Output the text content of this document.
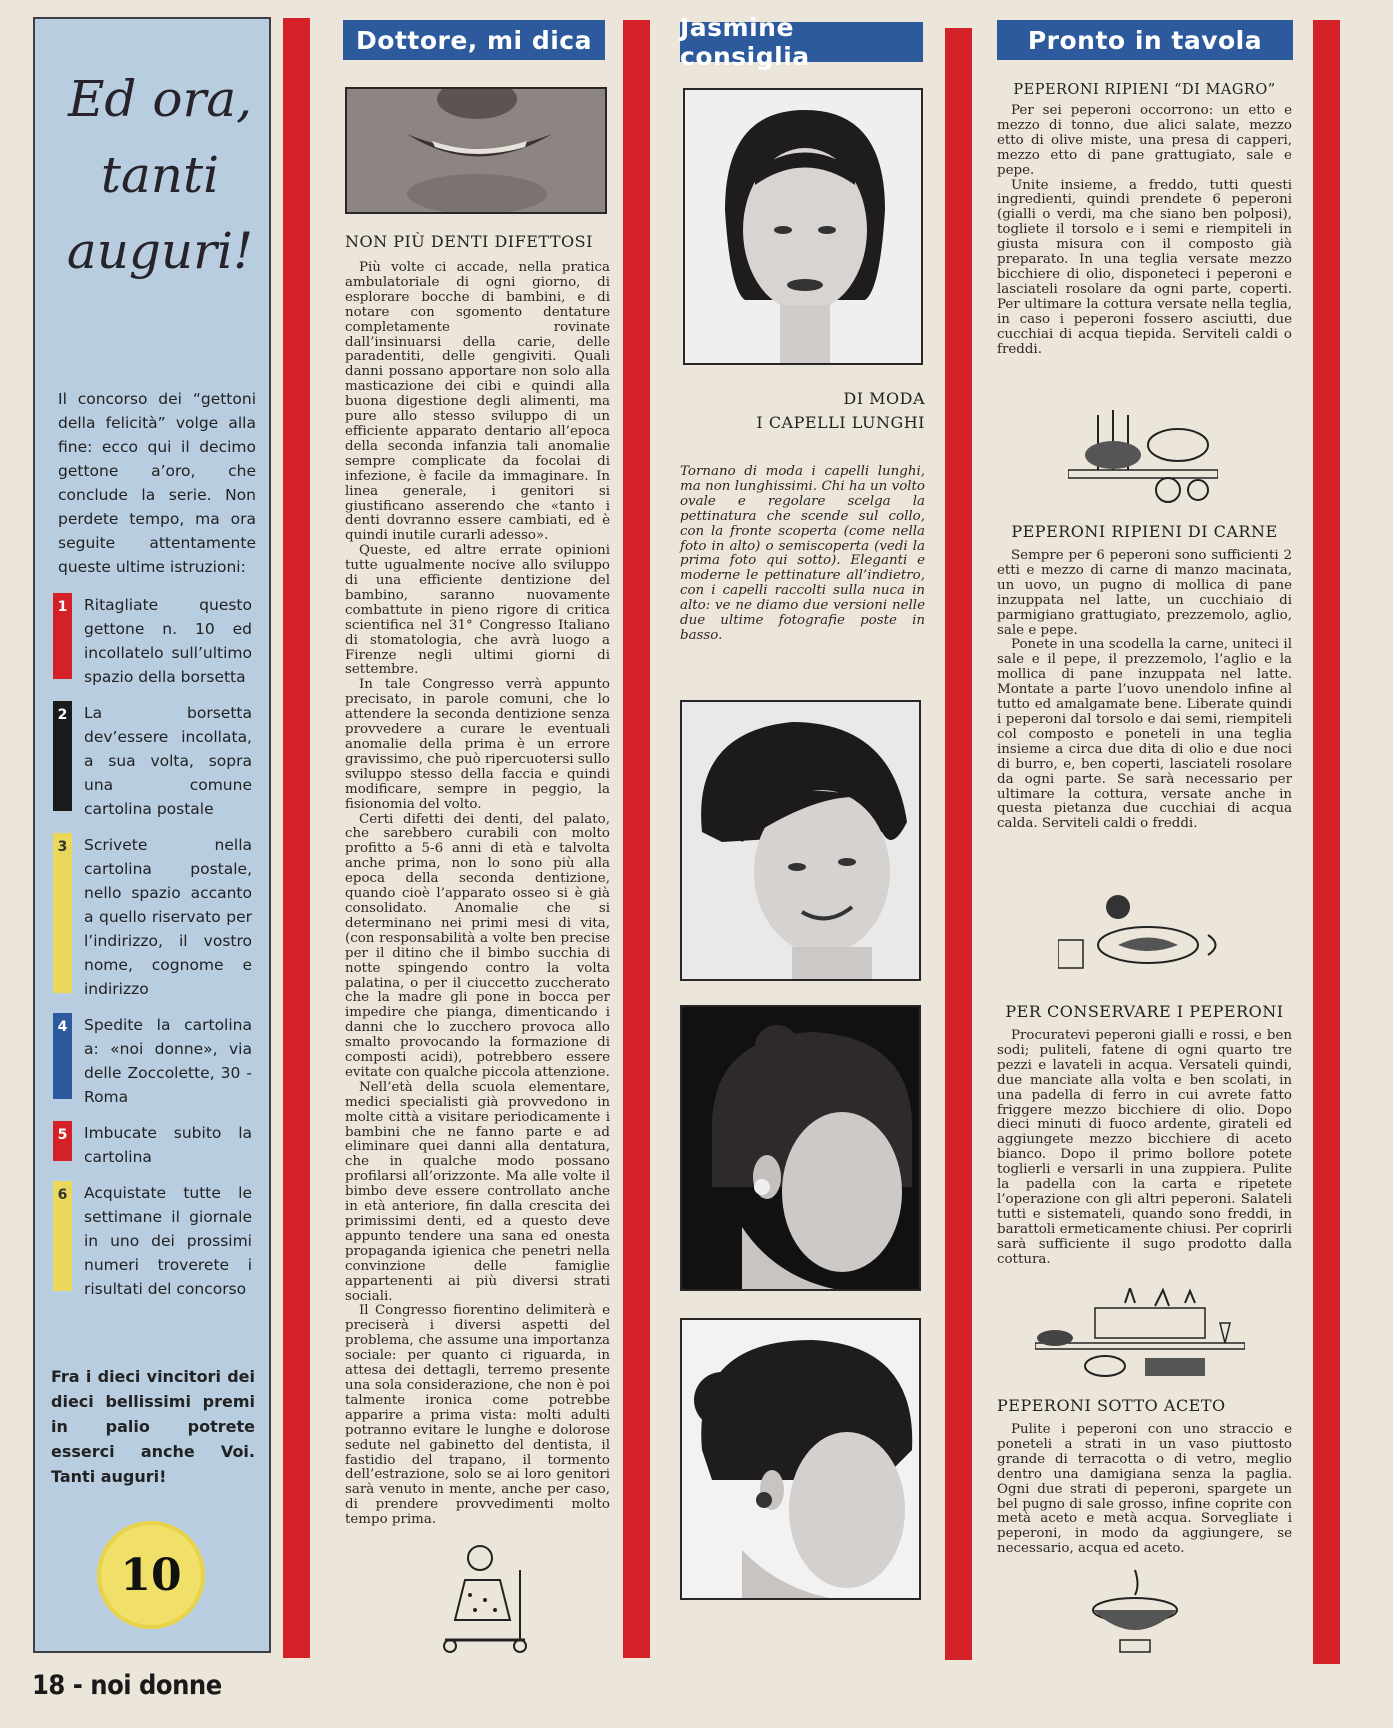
Ed ora,
tanti
auguri!
Il concorso dei “gettoni della felicità” volge alla fine: ecco qui il decimo gettone a’oro, che conclude la serie. Non perdete tempo, ma ora seguite attentamente queste ultime istruzioni:
1	Ritagliate questo gettone n. 10 ed incollatelo sull’ultimo spazio della borsetta
2	La borsetta dev’essere incollata, a sua volta, sopra una comune cartolina postale
3	Scrivete nella cartolina postale, nello spazio accanto a quello riservato per l’indirizzo, il vostro nome, cognome e indirizzo
4	Spedite la cartolina a: «noi donne», via delle Zoccolette, 30 - Roma
5	Imbucate subito la cartolina
6	Acquistate tutte le settimane il giornale in uno dei prossimi numeri troverete i risultati del concorso
Fra i dieci vincitori dei dieci bellissimi premi in palio potrete esserci anche Voi. Tanti auguri!
10
Dottore, mi dica	Jasmine consiglia
Pronto in tavola
NON PIÙ DENTI DIFETTOSI

Più volte ci accade, nella pratica ambulatoriale di ogni giorno, di esplorare bocche di bambini, e di notare con sgomento dentature completamente rovinate dall’insinuarsi della carie, delle paradentiti, delle gengiviti. Quali danni possano apportare non solo alla masticazione dei cibi e quindi alla buona digestione degli alimenti, ma pure allo stesso sviluppo di un efficiente apparato dentario all’epoca della seconda infanzia tali anomalie sempre complicate da focolai di infezione, è facile da immaginare. In linea generale, i genitori si giustificano asserendo che «tanto i denti dovranno essere cambiati, ed è quindi inutile curarli adesso».

Queste, ed altre errate opinioni tutte ugualmente nocive allo sviluppo di una efficiente dentizione del bambino, saranno nuovamente combattute in pieno rigore di critica scientifica nel 31° Congresso Italiano di stomatologia, che avrà luogo a Firenze negli ultimi giorni di settembre.

In tale Congresso verrà appunto precisato, in parole comuni, che lo attendere la seconda dentizione senza provvedere a curare le eventuali anomalie della prima è un errore gravissimo, che può ripercuotersi sullo sviluppo stesso della faccia e quindi modificare, sempre in peggio, la fisionomia del volto.

Certi difetti dei denti, del palato, che sarebbero curabili con molto profitto a 5-6 anni di età e talvolta anche prima, non lo sono più alla epoca della seconda dentizione, quando cioè l’apparato osseo si è già consolidato. Anomalie che si determinano nei primi mesi di vita, (con responsabilità a volte ben precise per il ditino che il bimbo succhia di notte spingendo contro la volta palatina, o per il ciuccetto zuccherato che la madre gli pone in bocca per impedire che pianga, dimenticando i danni che lo zucchero provoca allo smalto provocando la formazione di composti acidi), potrebbero essere evitate con qualche piccola attenzione.

Nell’età della scuola elementare, medici specialisti già provvedono in molte città a visitare periodicamente i bambini che ne fanno parte e ad eliminare quei danni alla dentatura, che in qualche modo possano profilarsi all’orizzonte. Ma alle volte il bimbo deve essere controllato anche in età anteriore, fin dalla crescita dei primissimi denti, ed a questo deve appunto tendere una sana ed onesta propaganda igienica che penetri nella convinzione delle famiglie appartenenti ai più diversi strati sociali.

Il Congresso fiorentino delimiterà e preciserà i diversi aspetti del problema, che assume una importanza sociale: per quanto ci riguarda, in attesa dei dettagli, terremo presente una sola considerazione, che non è poi talmente ironica come potrebbe apparire a prima vista: molti adulti potranno evitare le lunghe e dolorose sedute nel gabinetto del dentista, il fastidio del trapano, il tormento dell’estrazione, solo se ai loro genitori sarà venuto in mente, anche per caso, di prendere provvedimenti molto tempo prima.

DI MODA
I CAPELLI LUNGHI
Tornano di moda i capelli lunghi, ma non lunghissimi. Chi ha un volto ovale e regolare scelga la pettinatura che scende sul collo, con la fronte scoperta (come nella foto in alto) o semiscoperta (vedi la prima foto qui sotto). Eleganti e moderne le pettinature all’indietro, con i capelli raccolti sulla nuca in alto: ve ne diamo due versioni nelle due ultime fotografie poste in basso.
PEPERONI RIPIENI “DI MAGRO”

Per sei peperoni occorrono: un etto e mezzo di tonno, due alici salate, mezzo etto di olive miste, una presa di capperi, mezzo etto di pane grattugiato, sale e pepe.

Unite insieme, a freddo, tutti questi ingredienti, quindi prendete 6 peperoni (gialli o verdi, ma che siano ben polposi), togliete il torsolo e i semi e riempiteli in giusta misura con il composto già preparato. In una teglia versate mezzo bicchiere di olio, disponeteci i peperoni e lasciateli rosolare da ogni parte, coperti. Per ultimare la cottura versate nella teglia, in caso i peperoni fossero asciutti, due cucchiai di acqua tiepida. Serviteli caldi o freddi.

PEPERONI RIPIENI DI CARNE

Sempre per 6 peperoni sono sufficienti 2 etti e mezzo di carne di manzo macinata, un uovo, un pugno di mollica di pane inzuppata nel latte, un cucchiaio di parmigiano grattugiato, prezzemolo, aglio, sale e pepe.

Ponete in una scodella la carne, uniteci il sale e il pepe, il prezzemolo, l’aglio e la mollica di pane inzuppata nel latte. Montate a parte l’uovo unendolo infine al tutto ed amalgamate bene. Liberate quindi i peperoni dal torsolo e dai semi, riempiteli col composto e poneteli in una teglia insieme a circa due dita di olio e due noci di burro, e, ben coperti, lasciateli rosolare da ogni parte. Se sarà necessario per ultimare la cottura, versate anche in questa pietanza due cucchiai di acqua calda. Serviteli caldi o freddi.

PER CONSERVARE I PEPERONI

Procuratevi peperoni gialli e rossi, e ben sodi; puliteli, fatene di ogni quarto tre pezzi e lavateli in acqua. Versateli quindi, due manciate alla volta e ben scolati, in una padella di ferro in cui avrete fatto friggere mezzo bicchiere di olio. Dopo dieci minuti di fuoco ardente, girateli ed aggiungete mezzo bicchiere di aceto bianco. Dopo il primo bollore potete toglierli e versarli in una zuppiera. Pulite la padella con la carta e ripetete l’operazione con gli altri peperoni. Salateli tutti e sistemateli, quando sono freddi, in barattoli ermeticamente chiusi. Per coprirli sarà sufficiente il sugo prodotto dalla cottura.

PEPERONI SOTTO ACETO

Pulite i peperoni con uno straccio e poneteli a strati in un vaso piuttosto grande di terracotta o di vetro, meglio dentro una damigiana senza la paglia. Ogni due strati di peperoni, spargete un bel pugno di sale grosso, infine coprite con metà aceto e metà acqua. Sorvegliate i peperoni, in modo da aggiungere, se necessario, acqua ed aceto.

18 - noi donne
